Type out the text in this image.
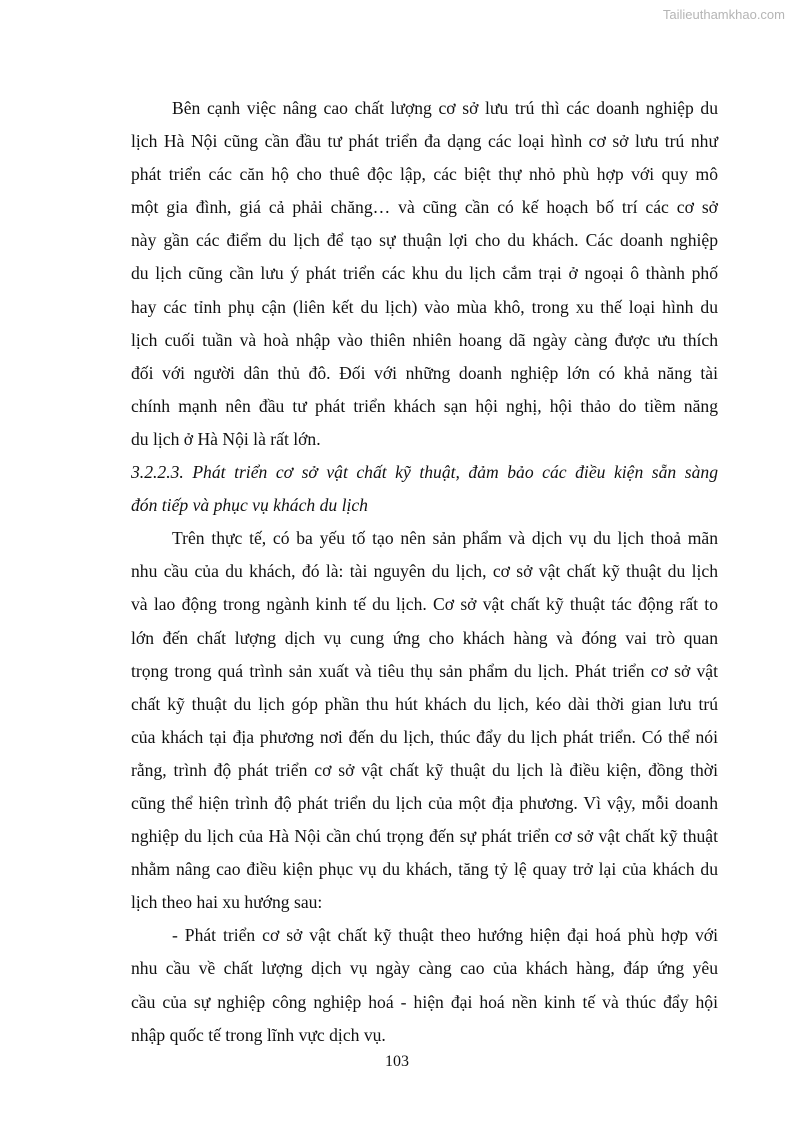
Tailieuthamkhao.com
Bên cạnh việc nâng cao chất lượng cơ sở lưu trú thì các doanh nghiệp du
lịch Hà Nội cũng cần đầu tư phát triển đa dạng các loại hình cơ sở lưu trú như
phát triển các căn hộ cho thuê độc lập, các biệt thự nhỏ phù hợp với quy mô
một gia đình, giá cả phải chăng… và cũng cần có kế hoạch bố trí các cơ sở
này gần các điểm du lịch để tạo sự thuận lợi cho du khách. Các doanh nghiệp
du lịch cũng cần lưu ý phát triển các khu du lịch cắm trại ở ngoại ô thành phố
hay các tỉnh phụ cận (liên kết du lịch) vào mùa khô, trong xu thế loại hình du
lịch cuối tuần và hoà nhập vào thiên nhiên hoang dã ngày càng được ưu thích
đối với người dân thủ đô. Đối với những doanh nghiệp lớn có khả năng tài
chính mạnh nên đầu tư phát triển khách sạn hội nghị, hội thảo do tiềm năng
du lịch ở Hà Nội là rất lớn.
3.2.2.3. Phát triển cơ sở vật chất kỹ thuật, đảm bảo các điều kiện sẵn sàng
đón tiếp và phục vụ khách du lịch
Trên thực tế, có ba yếu tố tạo nên sản phẩm và dịch vụ du lịch thoả mãn
nhu cầu của du khách, đó là: tài nguyên du lịch, cơ sở vật chất kỹ thuật du lịch
và lao động trong ngành kinh tế du lịch. Cơ sở vật chất kỹ thuật tác động rất to
lớn đến chất lượng dịch vụ cung ứng cho khách hàng và đóng vai trò quan
trọng trong quá trình sản xuất và tiêu thụ sản phẩm du lịch. Phát triển cơ sở vật
chất kỹ thuật du lịch góp phần thu hút khách du lịch, kéo dài thời gian lưu trú
của khách tại địa phương nơi đến du lịch, thúc đẩy du lịch phát triển. Có thể nói
rằng, trình độ phát triển cơ sở vật chất kỹ thuật du lịch là điều kiện, đồng thời
cũng thể hiện trình độ phát triển du lịch của một địa phương. Vì vậy, mỗi doanh
nghiệp du lịch của Hà Nội cần chú trọng đến sự phát triển cơ sở vật chất kỹ thuật
nhằm nâng cao điều kiện phục vụ du khách, tăng tỷ lệ quay trở lại của khách du
lịch theo hai xu hướng sau:
- Phát triển cơ sở vật chất kỹ thuật theo hướng hiện đại hoá phù hợp với
nhu cầu về chất lượng dịch vụ ngày càng cao của khách hàng, đáp ứng yêu
cầu của sự nghiệp công nghiệp hoá - hiện đại hoá nền kinh tế và thúc đẩy hội
nhập quốc tế trong lĩnh vực dịch vụ.
103
